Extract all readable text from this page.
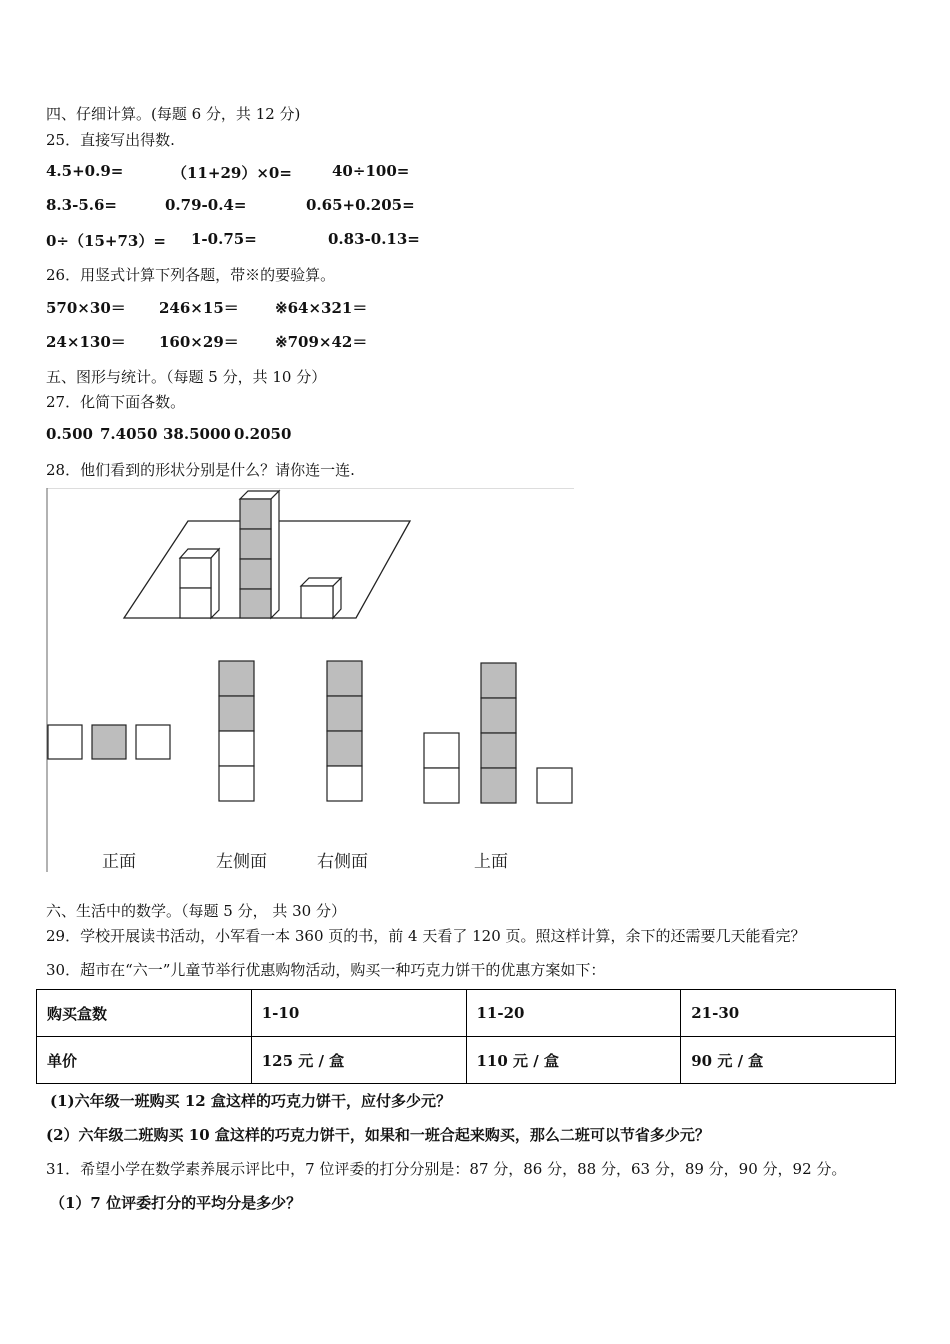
四、仔细计算。(每题 6 分，共 12 分)
25．直接写出得数.
4.5+0.9=	（11+29）×0=	40÷100=
8.3-5.6=	0.79-0.4=	0.65+0.205=
0÷（15+73）= 1-0.75=	0.83-0.13=
26．用竖式计算下列各题，带※的要验算。
570×30＝ 246×15＝ ※64×321＝
24×130＝ 160×29＝ ※709×42＝
五、图形与统计。（每题 5 分，共 10 分）
27．化简下面各数。
0.500 7.4050 38.5000 0.2050
28．他们看到的形状分别是什么？请你连一连.
正面	左侧面	右侧面	上面
六、生活中的数学。（每题 5 分， 共 30 分）
29．学校开展读书活动，小军看一本 360 页的书，前 4 天看了 120 页。照这样计算，余下的还需要几天能看完？
30．超市在“六一”儿童节举行优惠购物活动，购买一种巧克力饼干的优惠方案如下：
购买盒数	1-10	11-20	21-30
单价	125 元 / 盒	110 元 / 盒	90 元 / 盒
(1)六年级一班购买 12 盒这样的巧克力饼干，应付多少元？
(2）六年级二班购买 10 盒这样的巧克力饼干，如果和一班合起来购买，那么二班可以节省多少元？
31．希望小学在数学素养展示评比中，7 位评委的打分分别是：87 分，86 分，88 分，63 分，89 分，90 分，92 分。
（1）7 位评委打分的平均分是多少？
